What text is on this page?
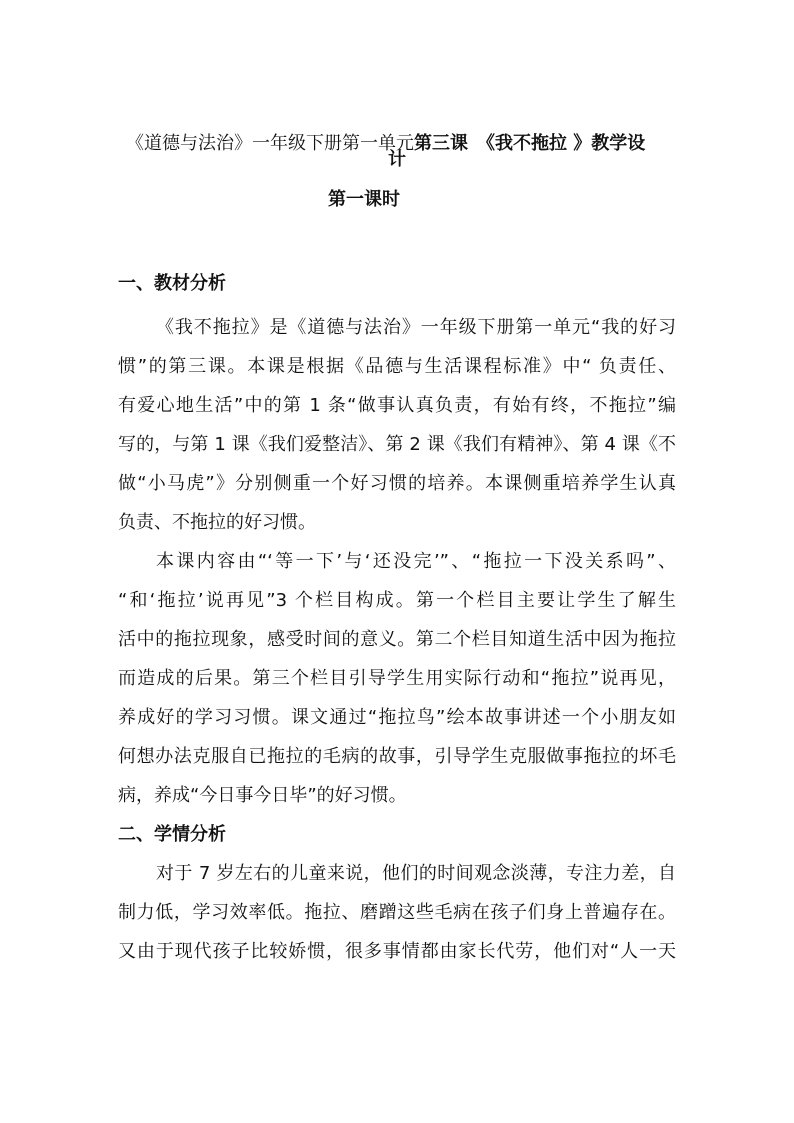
《道德与法治》一年级下册第一单元第三课　《我不拖拉 》教学设
计
第一课时
一、教材分析
《我不拖拉》是《道德与法治》一年级下册第一单元“我的好习
惯”的第三课。本课是根据《品德与生活课程标准》中“ 负责任、
有爱心地生活”中的第 1 条“做事认真负责，有始有终，不拖拉”编
写的，与第 1 课《我们爱整洁》、第 2 课《我们有精神》、第 4 课《不
做“小马虎”》分别侧重一个好习惯的培养。本课侧重培养学生认真
负责、不拖拉的好习惯。
本课内容由“‘等一下’与‘还没完’”、“拖拉一下没关系吗”、
“和‘拖拉’说再见”3 个栏目构成。第一个栏目主要让学生了解生
活中的拖拉现象，感受时间的意义。第二个栏目知道生活中因为拖拉
而造成的后果。第三个栏目引导学生用实际行动和“拖拉”说再见，
养成好的学习习惯。课文通过“拖拉鸟”绘本故事讲述一个小朋友如
何想办法克服自已拖拉的毛病的故事，引导学生克服做事拖拉的坏毛
病，养成“今日事今日毕”的好习惯。
二、学情分析
对于 7 岁左右的儿童来说，他们的时间观念淡薄，专注力差，自
制力低，学习效率低。拖拉、磨蹭这些毛病在孩子们身上普遍存在。
又由于现代孩子比较娇惯，很多事情都由家长代劳，他们对“人一天
